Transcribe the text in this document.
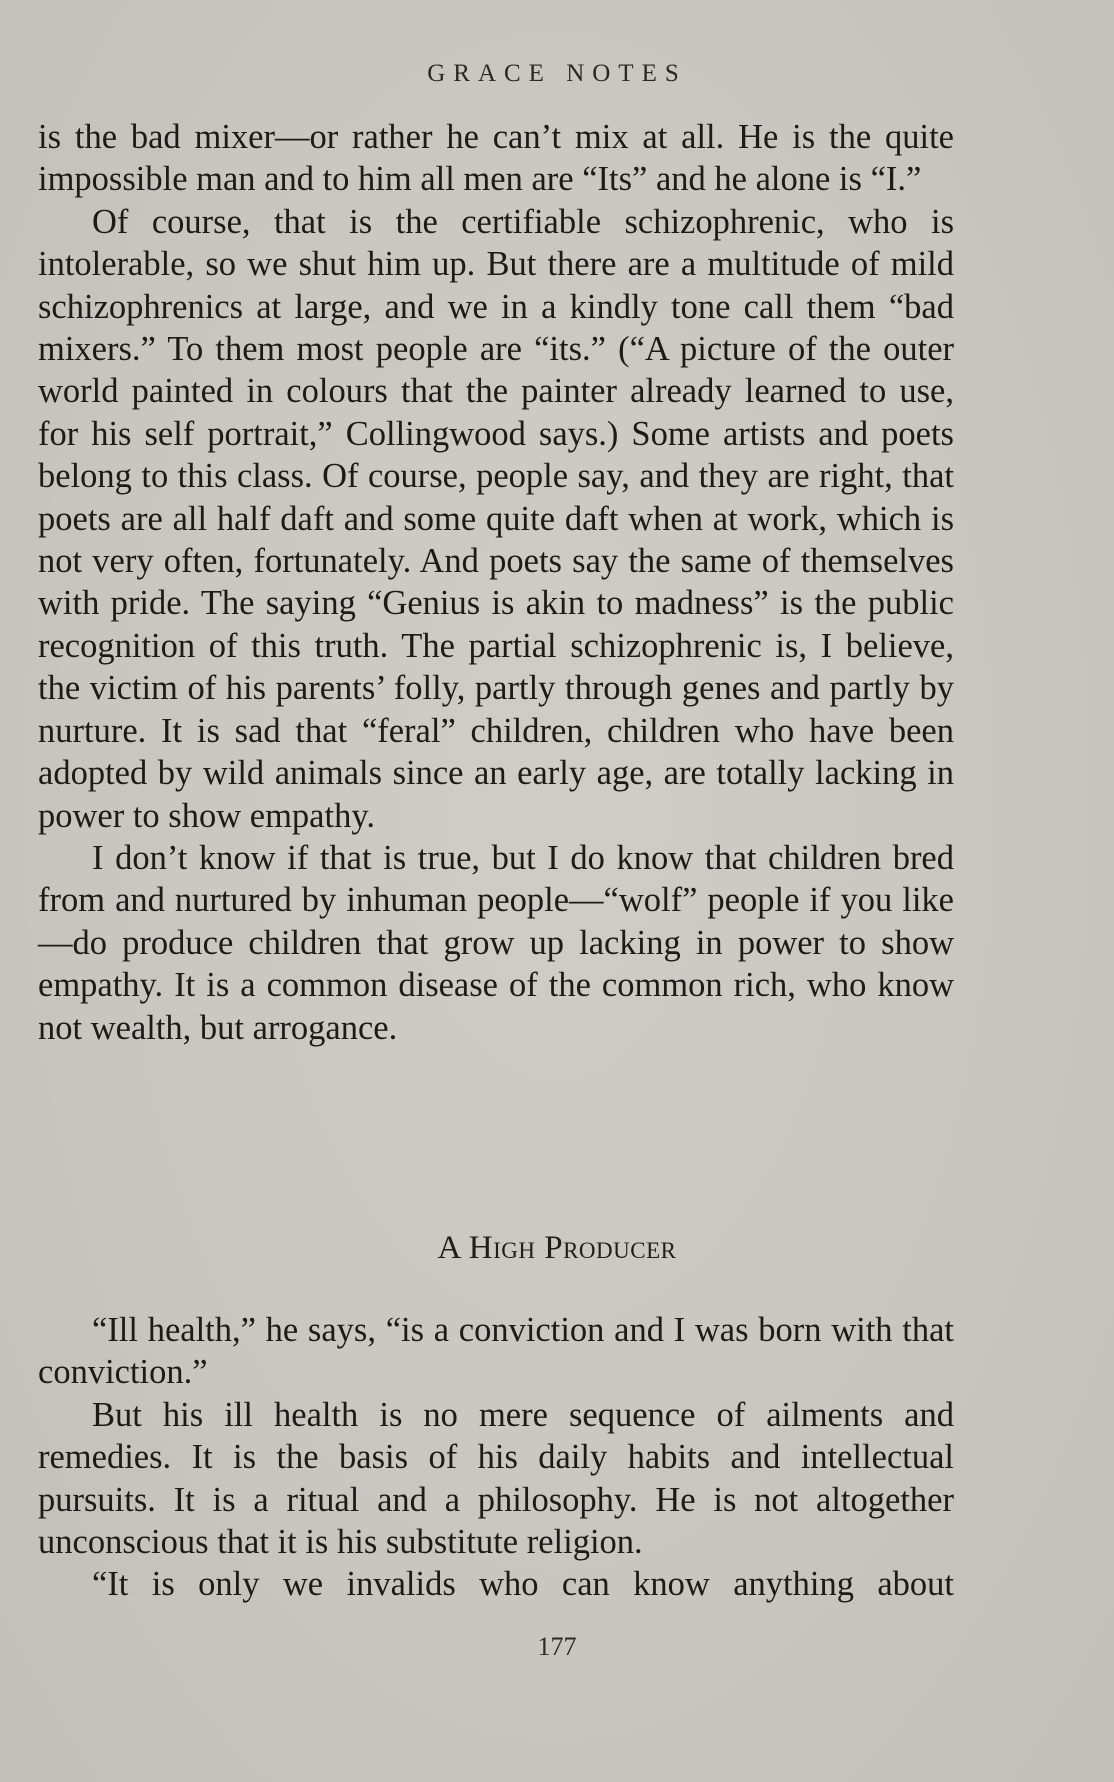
GRACE NOTES

is the bad mixer—or rather he can’t mix at all. He is the quite impossible man and to him all men are “Its” and he alone is “I.”

Of course, that is the certifiable schizophrenic, who is intolerable, so we shut him up. But there are a multitude of mild schizophrenics at large, and we in a kindly tone call them “bad mixers.” To them most people are “its.” (“A picture of the outer world painted in colours that the painter already learned to use, for his self portrait,” Collingwood says.) Some artists and poets belong to this class. Of course, people say, and they are right, that poets are all half daft and some quite daft when at work, which is not very often, fortunately. And poets say the same of themselves with pride. The saying “Genius is akin to madness” is the public recognition of this truth. The partial schizophrenic is, I believe, the victim of his parents’ folly, partly through genes and partly by nurture. It is sad that “feral” children, children who have been adopted by wild animals since an early age, are totally lacking in power to show empathy.

I don’t know if that is true, but I do know that children bred from and nurtured by inhuman people—“wolf” people if you like—do produce children that grow up lacking in power to show empathy. It is a common disease of the common rich, who know not wealth, but arrogance.

A High Producer

“Ill health,” he says, “is a conviction and I was born with that conviction.”

But his ill health is no mere sequence of ailments and remedies. It is the basis of his daily habits and intellectual pursuits. It is a ritual and a philosophy. He is not altogether unconscious that it is his substitute religion.

“It is only we invalids who can know anything about

177
